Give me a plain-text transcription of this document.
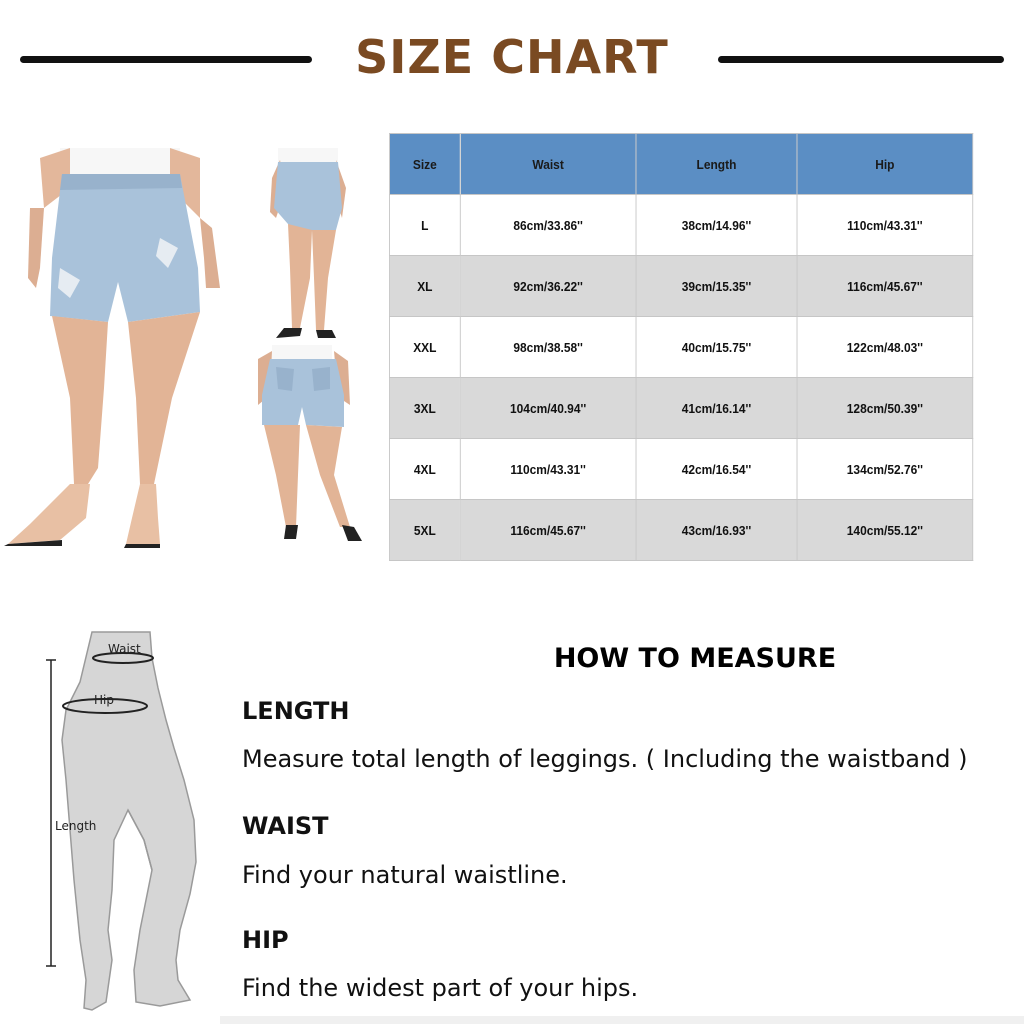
SIZE CHART
Size	Waist	Length	Hip
L	86cm/33.86''	38cm/14.96''	110cm/43.31''
XL	92cm/36.22''	39cm/15.35''	116cm/45.67''
XXL	98cm/38.58''	40cm/15.75''	122cm/48.03''
3XL	104cm/40.94''	41cm/16.14''	128cm/50.39''
4XL	110cm/43.31''	42cm/16.54''	134cm/52.76''
5XL	116cm/45.67''	43cm/16.93''	140cm/55.12''
Waist
Hip
Length
HOW TO MEASURE
LENGTH
Measure total length of leggings. ( Including the waistband )
WAIST
Find your natural waistline.
HIP
Find the widest part of your hips.
